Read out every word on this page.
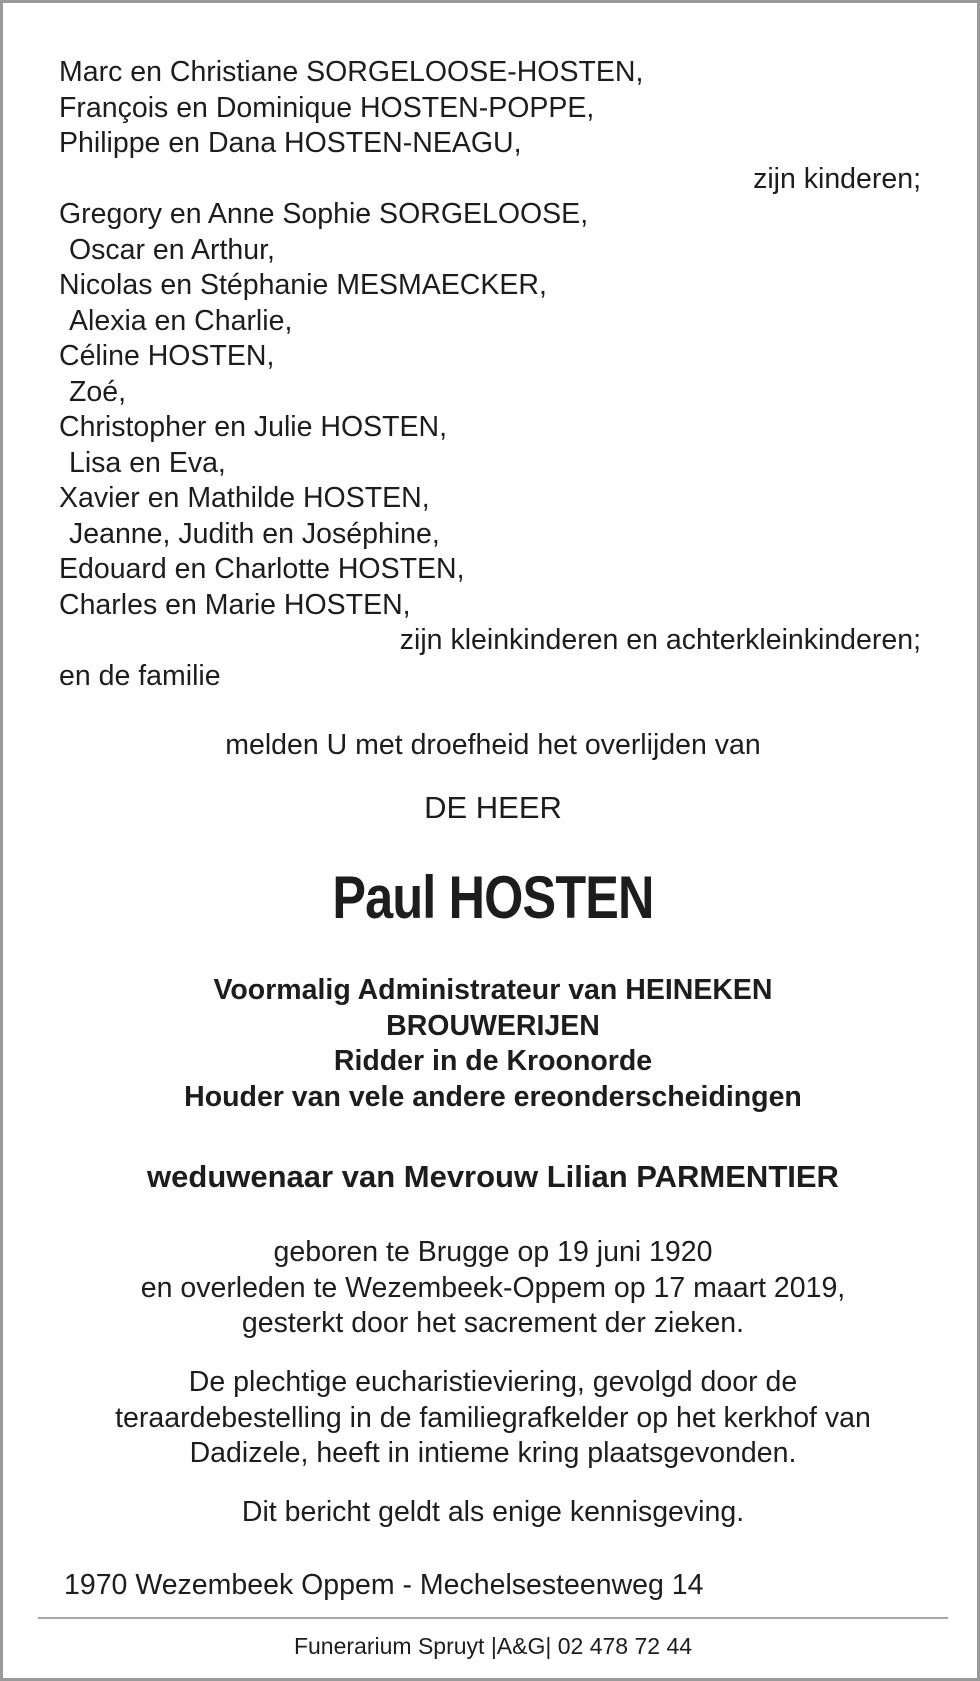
Marc en Christiane SORGELOOSE-HOSTEN,
François en Dominique HOSTEN-POPPE,
Philippe en Dana HOSTEN-NEAGU,
zijn kinderen;
Gregory en Anne Sophie SORGELOOSE,
Oscar en Arthur,
Nicolas en Stéphanie MESMAECKER,
Alexia en Charlie,
Céline HOSTEN,
Zoé,
Christopher en Julie HOSTEN,
Lisa en Eva,
Xavier en Mathilde HOSTEN,
Jeanne, Judith en Joséphine,
Edouard en Charlotte HOSTEN,
Charles en Marie HOSTEN,
zijn kleinkinderen en achterkleinkinderen;
en de familie
melden U met droefheid het overlijden van
DE HEER
Paul HOSTEN
Voormalig Administrateur van HEINEKEN
BROUWERIJEN
Ridder in de Kroonorde
Houder van vele andere ereonderscheidingen
weduwenaar van Mevrouw Lilian PARMENTIER
geboren te Brugge op 19 juni 1920
en overleden te Wezembeek-Oppem op 17 maart 2019,
gesterkt door het sacrement der zieken.
De plechtige eucharistieviering, gevolgd door de
teraardebestelling in de familiegrafkelder op het kerkhof van
Dadizele, heeft in intieme kring plaatsgevonden.
Dit bericht geldt als enige kennisgeving.
1970 Wezembeek Oppem - Mechelsesteenweg 14
Funerarium Spruyt |A&G| 02 478 72 44
